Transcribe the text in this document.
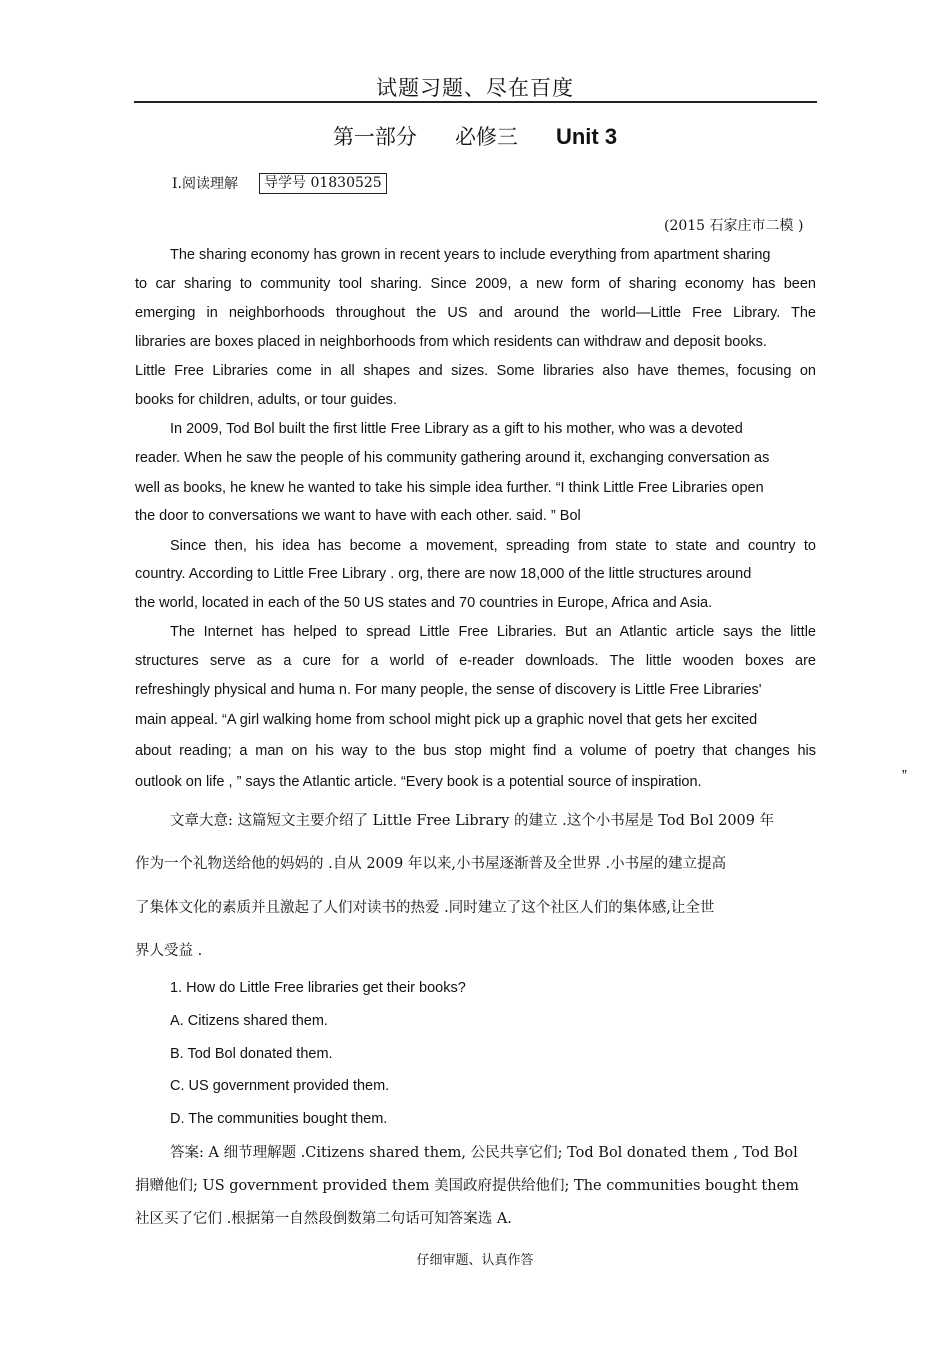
试题习题、尽在百度
第一部分 必修三 Unit 3
Ⅰ.阅读理解	导学号 01830525
(2015 石家庄市二模 )
The sharing economy has grown in recent years to include everything from apartment sharing
to car sharing to community tool sharing. Since 2009, a new form of sharing economy has been
emerging in neighborhoods throughout the US and around the world—Little Free Library. The
libraries are boxes placed in neighborhoods from which residents can withdraw and deposit books.
Little Free Libraries come in all shapes and sizes. Some libraries also have themes, focusing on
books for children, adults, or tour guides.
In 2009, Tod Bol built the first little Free Library as a gift to his mother, who was a devoted
reader. When he saw the people of his community gathering around it, exchanging conversation as
well as books, he knew he wanted to take his simple idea further. “I think Little Free Libraries open
the door to conversations we want to have with each other. said. ” Bol
Since then, his idea has become a movement, spreading from state to state and country to
country. According to Little Free Library . org, there are now 18,000 of the little structures around
the world, located in each of the 50 US states and 70 countries in Europe, Africa and Asia.
The Internet has helped to spread Little Free Libraries. But an Atlantic article says the little
structures serve as a cure for a world of e-reader downloads. The little wooden boxes are
refreshingly physical and huma n. For many people, the sense of discovery is Little Free Libraries'
main appeal. “A girl walking home from school might pick up a graphic novel that gets her excited
about reading; a man on his way to the bus stop might find a volume of poetry that changes his
outlook on life , ” says the Atlantic article. “Every book is a potential source of inspiration.	”
文章大意: 这篇短文主要介绍了 Little Free Library 的建立 .这个小书屋是 Tod Bol 2009 年
作为一个礼物送给他的妈妈的 .自从 2009 年以来,小书屋逐渐普及全世界 .小书屋的建立提高
了集体文化的素质并且激起了人们对读书的热爱 .同时建立了这个社区人们的集体感,让全世
界人受益 .
1. How do Little Free libraries get their books?
A. Citizens shared them.
B. Tod Bol donated them.
C. US government provided them.
D. The communities bought them.
答案: A 细节理解题 .Citizens shared them, 公民共享它们; Tod Bol donated them , Tod Bol
捐赠他们; US government provided them 美国政府提供给他们; The communities bought them
社区买了它们 .根据第一自然段倒数第二句话可知答案选 A.
仔细审题、认真作答
